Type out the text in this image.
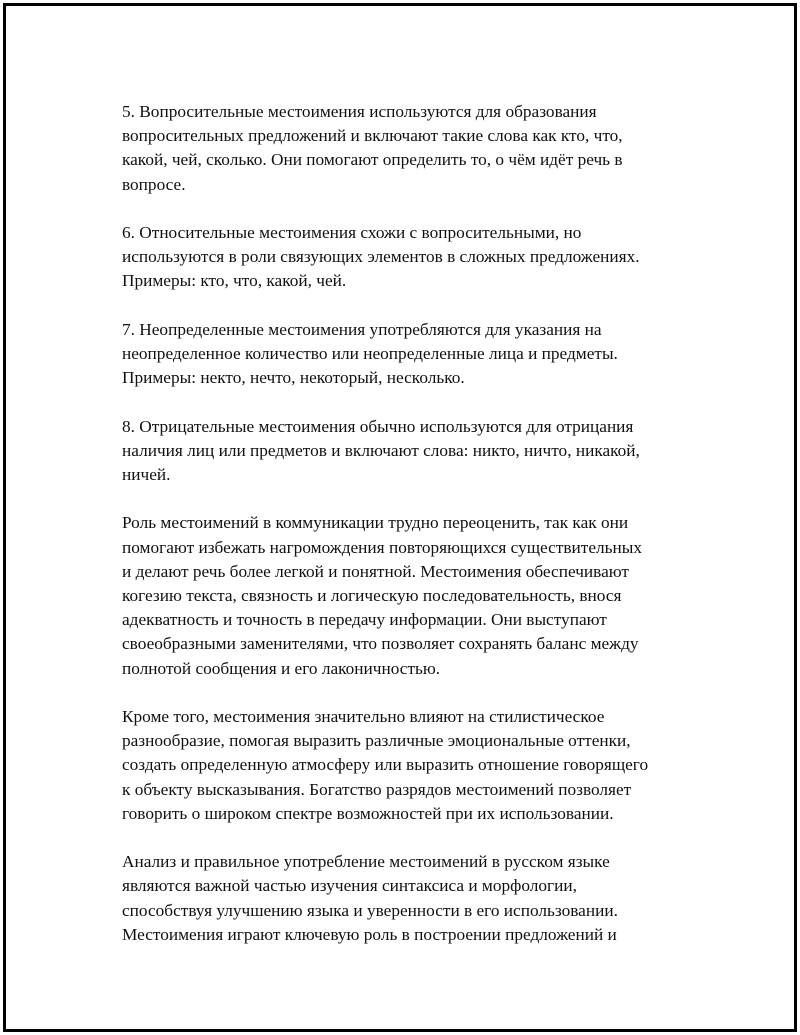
5. Вопросительные местоимения используются для образования
вопросительных предложений и включают такие слова как кто, что,
какой, чей, сколько. Они помогают определить то, о чём идёт речь в
вопросе.

6. Относительные местоимения схожи с вопросительными, но
используются в роли связующих элементов в сложных предложениях.
Примеры: кто, что, какой, чей.

7. Неопределенные местоимения употребляются для указания на
неопределенное количество или неопределенные лица и предметы.
Примеры: некто, нечто, некоторый, несколько.

8. Отрицательные местоимения обычно используются для отрицания
наличия лиц или предметов и включают слова: никто, ничто, никакой,
ничей.

Роль местоимений в коммуникации трудно переоценить, так как они
помогают избежать нагромождения повторяющихся существительных
и делают речь более легкой и понятной. Местоимения обеспечивают
когезию текста, связность и логическую последовательность, внося
адекватность и точность в передачу информации. Они выступают
своеобразными заменителями, что позволяет сохранять баланс между
полнотой сообщения и его лаконичностью.

Кроме того, местоимения значительно влияют на стилистическое
разнообразие, помогая выразить различные эмоциональные оттенки,
создать определенную атмосферу или выразить отношение говорящего
к объекту высказывания. Богатство разрядов местоимений позволяет
говорить о широком спектре возможностей при их использовании.

Анализ и правильное употребление местоимений в русском языке
являются важной частью изучения синтаксиса и морфологии,
способствуя улучшению языка и уверенности в его использовании.
Местоимения играют ключевую роль в построении предложений и
